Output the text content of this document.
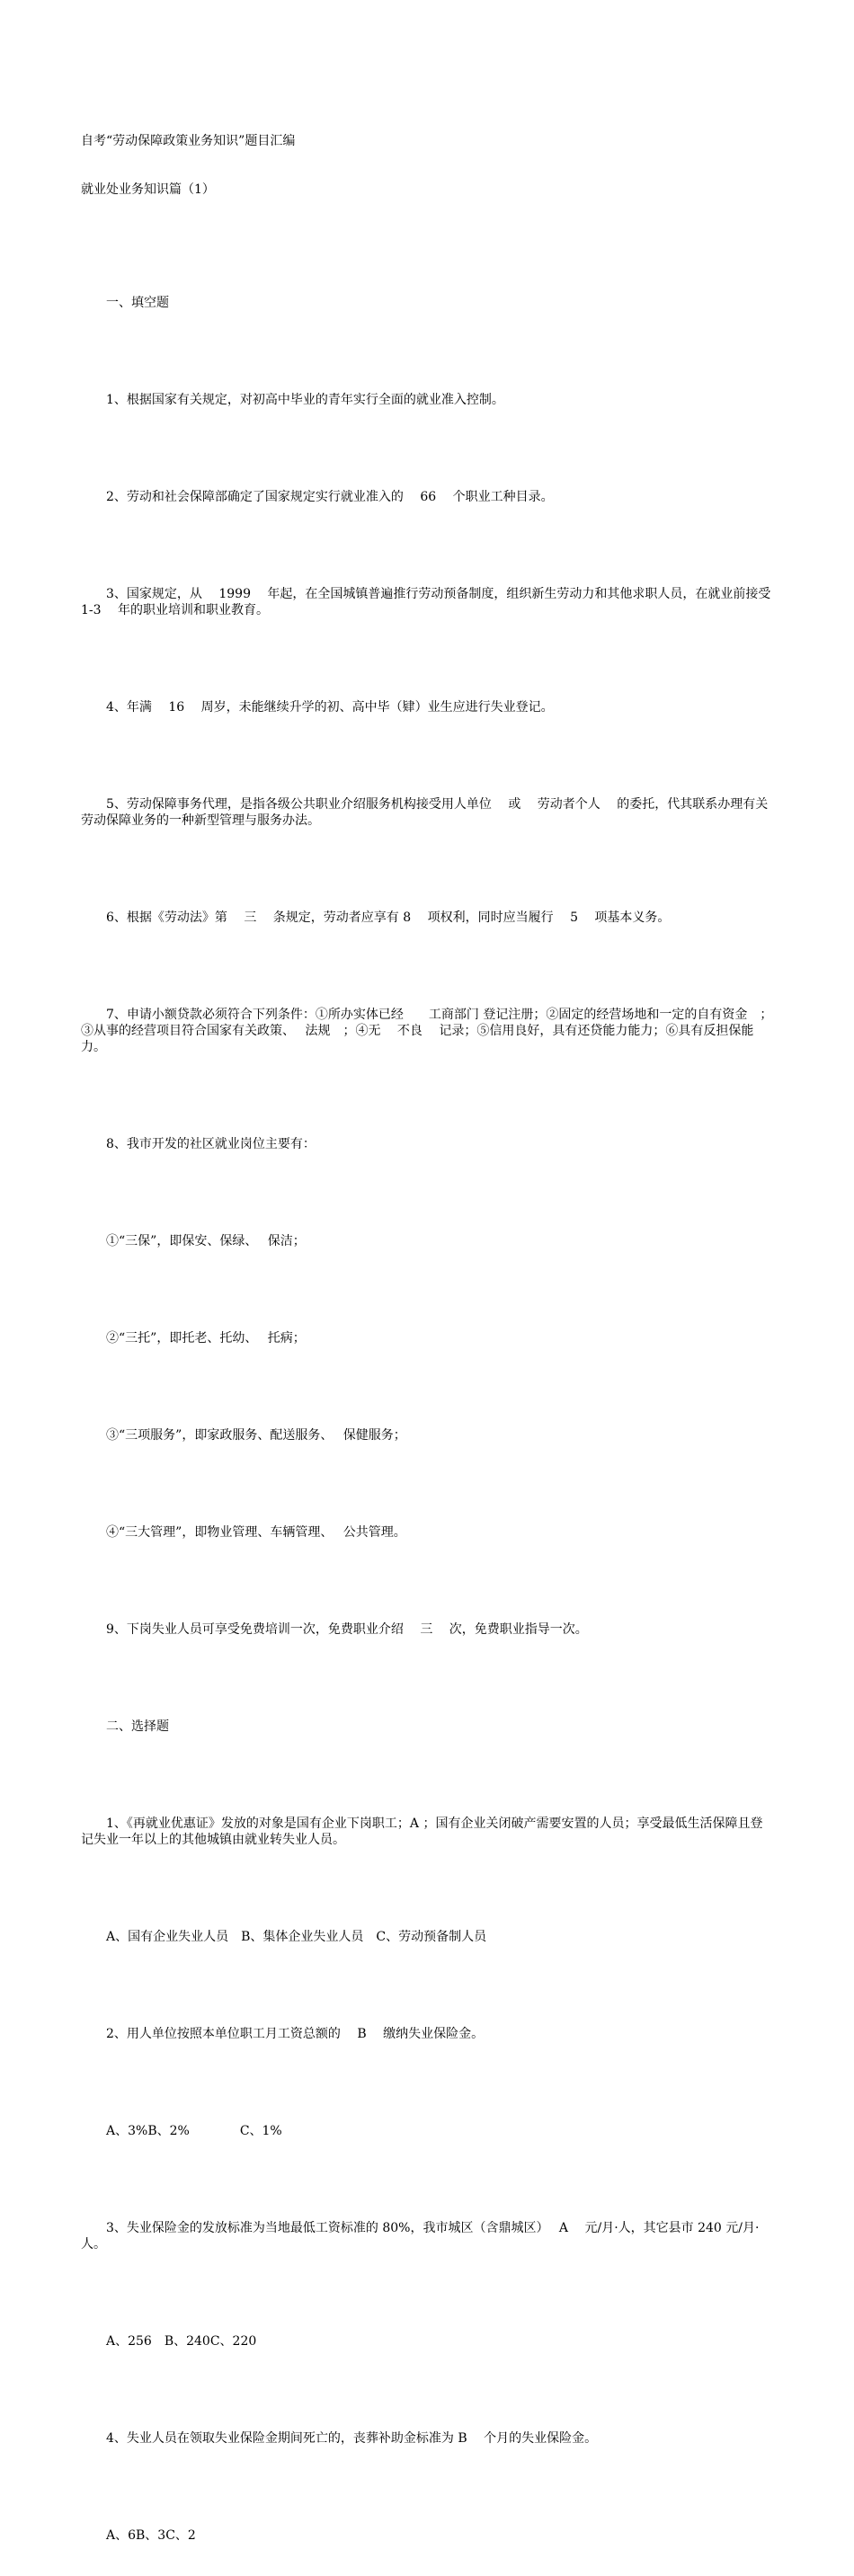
自考“劳动保障政策业务知识”题目汇编

就业处业务知识篇（1）

一、填空题

1、根据国家有关规定，对初高中毕业的青年实行全面的就业准入控制。

2、劳动和社会保障部确定了国家规定实行就业准入的　 66　 个职业工种目录。

3、国家规定，从　 1999　 年起，在全国城镇普遍推行劳动预备制度，组织新生劳动力和其他求职人员，在就业前接受　1-3　 年的职业培训和职业教育。

4、年满　 16　 周岁，未能继续升学的初、高中毕（肄）业生应进行失业登记。

5、劳动保障事务代理，是指各级公共职业介绍服务机构接受用人单位　 或　 劳动者个人　 的委托，代其联系办理有关劳动保障业务的一种新型管理与服务办法。

6、根据《劳动法》第　 三　 条规定，劳动者应享有 8　 项权利，同时应当履行　 5　 项基本义务。

7、申请小额贷款必须符合下列条件：①所办实体已经　　工商部门 登记注册；②固定的经营场地和一定的自有资金　；③从事的经营项目符合国家有关政策、　 法规　；④无　 不良　 记录；⑤信用良好，具有还贷能力能力；⑥具有反担保能力。

8、我市开发的社区就业岗位主要有：

①“三保”，即保安、保绿、　 保洁；

②“三托”，即托老、托幼、　 托病；

③“三项服务”，即家政服务、配送服务、　 保健服务；

④“三大管理”，即物业管理、车辆管理、　 公共管理。

9、下岗失业人员可享受免费培训一次，免费职业介绍　 三　 次，免费职业指导一次。

二、选择题

1、《再就业优惠证》发放的对象是国有企业下岗职工；A ；国有企业关闭破产需要安置的人员；享受最低生活保障且登记失业一年以上的其他城镇由就业转失业人员。

A、国有企业失业人员　B、集体企业失业人员　C、劳动预备制人员

2、用人单位按照本单位职工月工资总额的　 B　 缴纳失业保险金。

A、3%B、2%　　　　C、1%

3、失业保险金的发放标准为当地最低工资标准的 80%，我市城区（含鼎城区）　 A　 元/月·人，其它县市 240 元/月·人。

A、256　B、240C、220

4、失业人员在领取失业保险金期间死亡的，丧葬补助金标准为 B　 个月的失业保险金。

A、6B、3C、2
